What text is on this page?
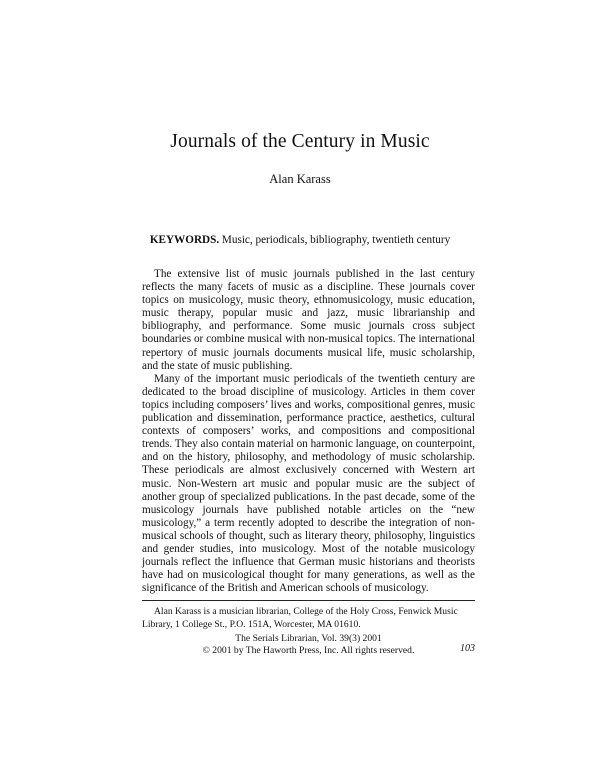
Journals of the Century in Music
Alan Karass
KEYWORDS. Music, periodicals, bibliography, twentieth century

The extensive list of music journals published in the last century reflects the many facets of music as a discipline. These journals cover topics on musicology, music theory, ethnomusicology, music education, music therapy, popular music and jazz, music librarianship and bibliography, and performance. Some music journals cross subject boundaries or combine musical with non-musical topics. The international repertory of music journals documents musical life, music scholarship, and the state of music publishing.

Many of the important music periodicals of the twentieth century are dedicated to the broad discipline of musicology. Articles in them cover topics including composers’ lives and works, compositional genres, music publication and dissemination, performance practice, aesthetics, cultural contexts of composers’ works, and compositions and compositional trends. They also contain material on harmonic language, on counterpoint, and on the history, philosophy, and methodology of music scholarship. These periodicals are almost exclusively concerned with Western art music. Non-Western art music and popular music are the subject of another group of specialized publications. In the past decade, some of the musicology journals have published notable articles on the “new musicology,” a term recently adopted to describe the integration of non-musical schools of thought, such as literary theory, philosophy, linguistics and gender studies, into musicology. Most of the notable musicology journals reflect the influence that German music historians and theorists have had on musicological thought for many generations, as well as the significance of the British and American schools of musicology.

Alan Karass is a musician librarian, College of the Holy Cross, Fenwick Music Library, 1 College St., P.O. 151A, Worcester, MA 01610.
The Serials Librarian, Vol. 39(3) 2001
© 2001 by The Haworth Press, Inc. All rights reserved.	103
